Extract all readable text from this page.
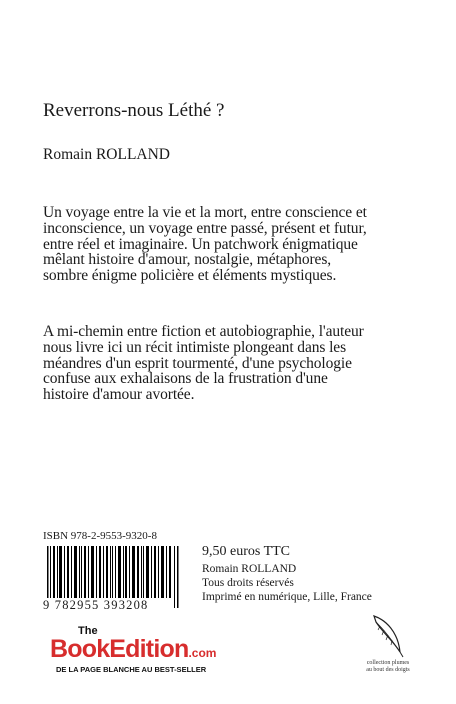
Reverrons-nous Léthé ?
Romain ROLLAND
Un voyage entre la vie et la mort, entre conscience et inconscience, un voyage entre passé, présent et futur, entre réel et imaginaire. Un patchwork énigmatique mêlant histoire d'amour, nostalgie, métaphores, sombre énigme policière et éléments mystiques.
A mi-chemin entre fiction et autobiographie, l'auteur nous livre ici un récit intimiste plongeant dans les méandres d'un esprit tourmenté, d'une psychologie confuse aux exhalaisons de la frustration d'une histoire d'amour avortée.
ISBN 978-2-9553-9320-8
9 782955 393208
9,50 euros TTC
Romain ROLLAND
Tous droits réservés
Imprimé en numérique, Lille, France
The
BookEdition.com
DE LA PAGE BLANCHE AU BEST-SELLER
collection plumes au bout des doigts
